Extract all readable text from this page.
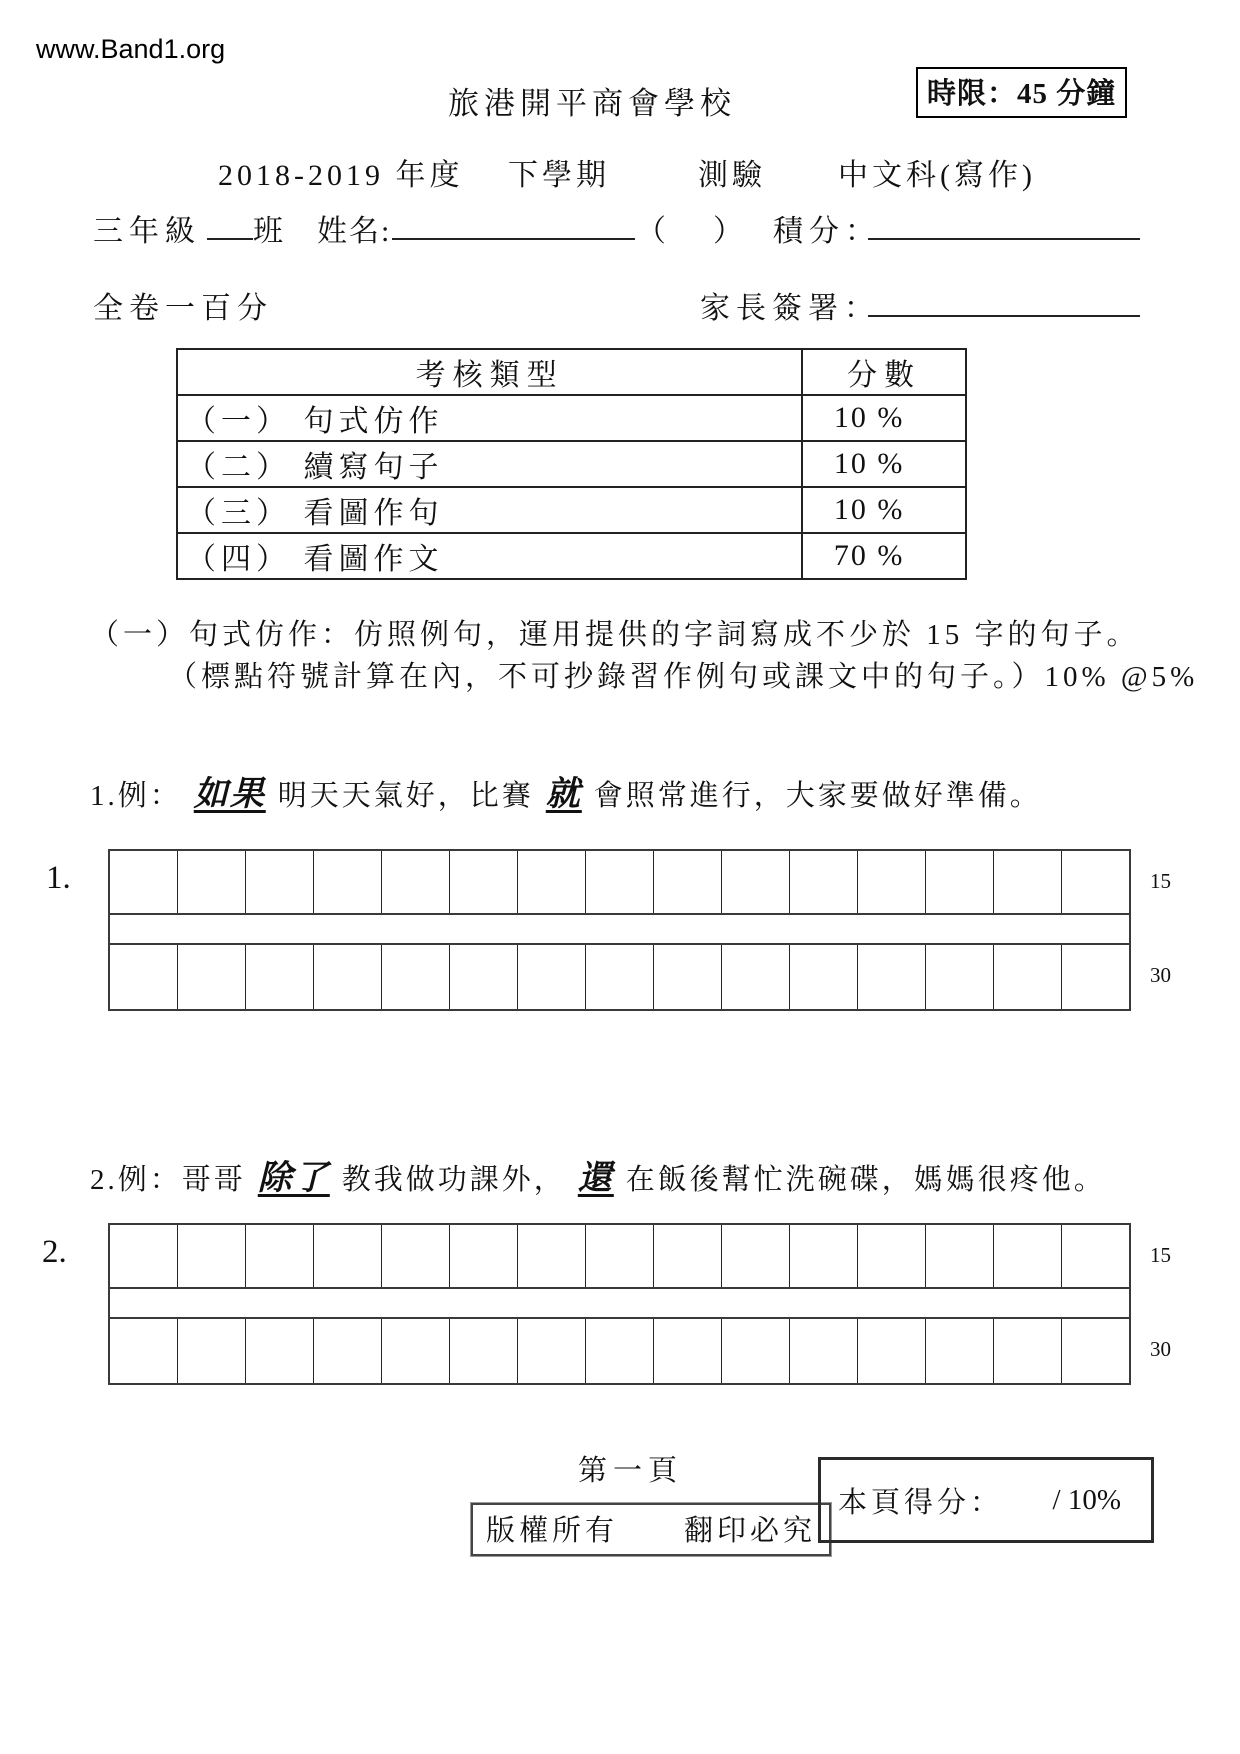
www.Band1.org
旅港開平商會學校	時限：45 分鐘
2018-2019 年度 下學期	測驗 中文科(寫作)
三年級 班 姓名:	（ ） 積分：
全卷一百分	家長簽署：
考核類型	分數
（一） 句式仿作	10 %
（二） 續寫句子	10 %
（三） 看圖作句	10 %
（四） 看圖作文	70 %
（一）句式仿作：仿照例句，運用提供的字詞寫成不少於 15 字的句子。
（標點符號計算在內，不可抄錄習作例句或課文中的句子。）10% @5%
1.例： 如果 明天天氣好，比賽 就 會照常進行，大家要做好準備。
1.	15
30
2.例：哥哥 除了 教我做功課外， 還 在飯後幫忙洗碗碟，媽媽很疼他。
2.	15
30
第一頁
版權所有　　翻印必究
本頁得分： / 10%
